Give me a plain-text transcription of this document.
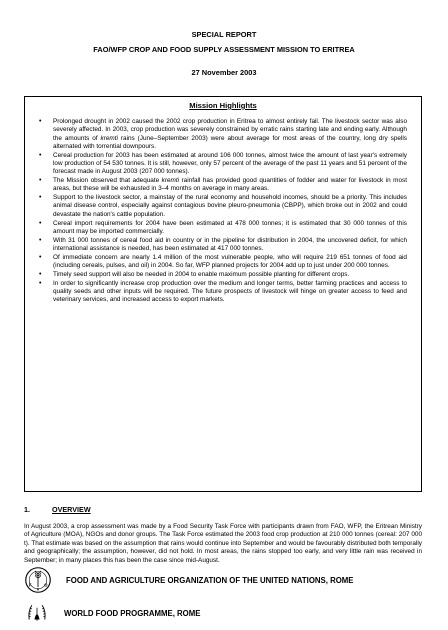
SPECIAL REPORT
FAO/WFP CROP AND FOOD SUPPLY ASSESSMENT MISSION TO ERITREA
27 November 2003
Mission Highlights
• Prolonged drought in 2002 caused the 2002 crop production in Eritrea to almost entirely fail. The livestock sector was also severely affected. In 2003, crop production was severely constrained by erratic rains starting late and ending early. Although the amounts of kremti rains (June–September 2003) were about average for most areas of the country, long dry spells alternated with torrential downpours.
• Cereal production for 2003 has been estimated at around 106 000 tonnes, almost twice the amount of last year's extremely low production of 54 530 tonnes. It is still, however, only 57 percent of the average of the past 11 years and 51 percent of the forecast made in August 2003 (207 000 tonnes).
• The Mission observed that adequate kremti rainfall has provided good quantities of fodder and water for livestock in most areas, but these will be exhausted in 3–4 months on average in many areas.
• Support to the livestock sector, a mainstay of the rural economy and household incomes, should be a priority. This includes animal disease control, especially against contagious bovine pleuro-pneumonia (CBPP), which broke out in 2002 and could devastate the nation's cattle population.
• Cereal import requirements for 2004 have been estimated at 478 000 tonnes; it is estimated that 30 000 tonnes of this amount may be imported commercially.
• With 31 000 tonnes of cereal food aid in country or in the pipeline for distribution in 2004, the uncovered deficit, for which international assistance is needed, has been estimated at 417 000 tonnes.
• Of immediate concern are nearly 1.4 million of the most vulnerable people, who will require 219 651 tonnes of food aid (including cereals, pulses, and oil) in 2004. So far, WFP planned projects for 2004 add up to just under 200 000 tonnes.
• Timely seed support will also be needed in 2004 to enable maximum possible planting for different crops.
• In order to significantly increase crop production over the medium and longer terms, better farming practices and access to quality seeds and other inputs will be required. The future prospects of livestock will hinge on greater access to feed and veterinary services, and increased access to export markets.
1.	OVERVIEW
In August 2003, a crop assessment was made by a Food Security Task Force with participants drawn from FAO, WFP, the Eritrean Ministry of Agriculture (MOA), NGOs and donor groups. The Task Force estimated the 2003 food crop production at 210 000 tonnes (cereal: 207 000 t). That estimate was based on the assumption that rains would continue into September and would be favourably distributed both temporally and geographically; the assumption, however, did not hold. In most areas, the rains stopped too early, and very little rain was received in September; in many places this has been the case since mid-August.
F O
A
FOOD AND AGRICULTURE ORGANIZATION OF THE UNITED NATIONS, ROME
WORLD FOOD PROGRAMME, ROME
